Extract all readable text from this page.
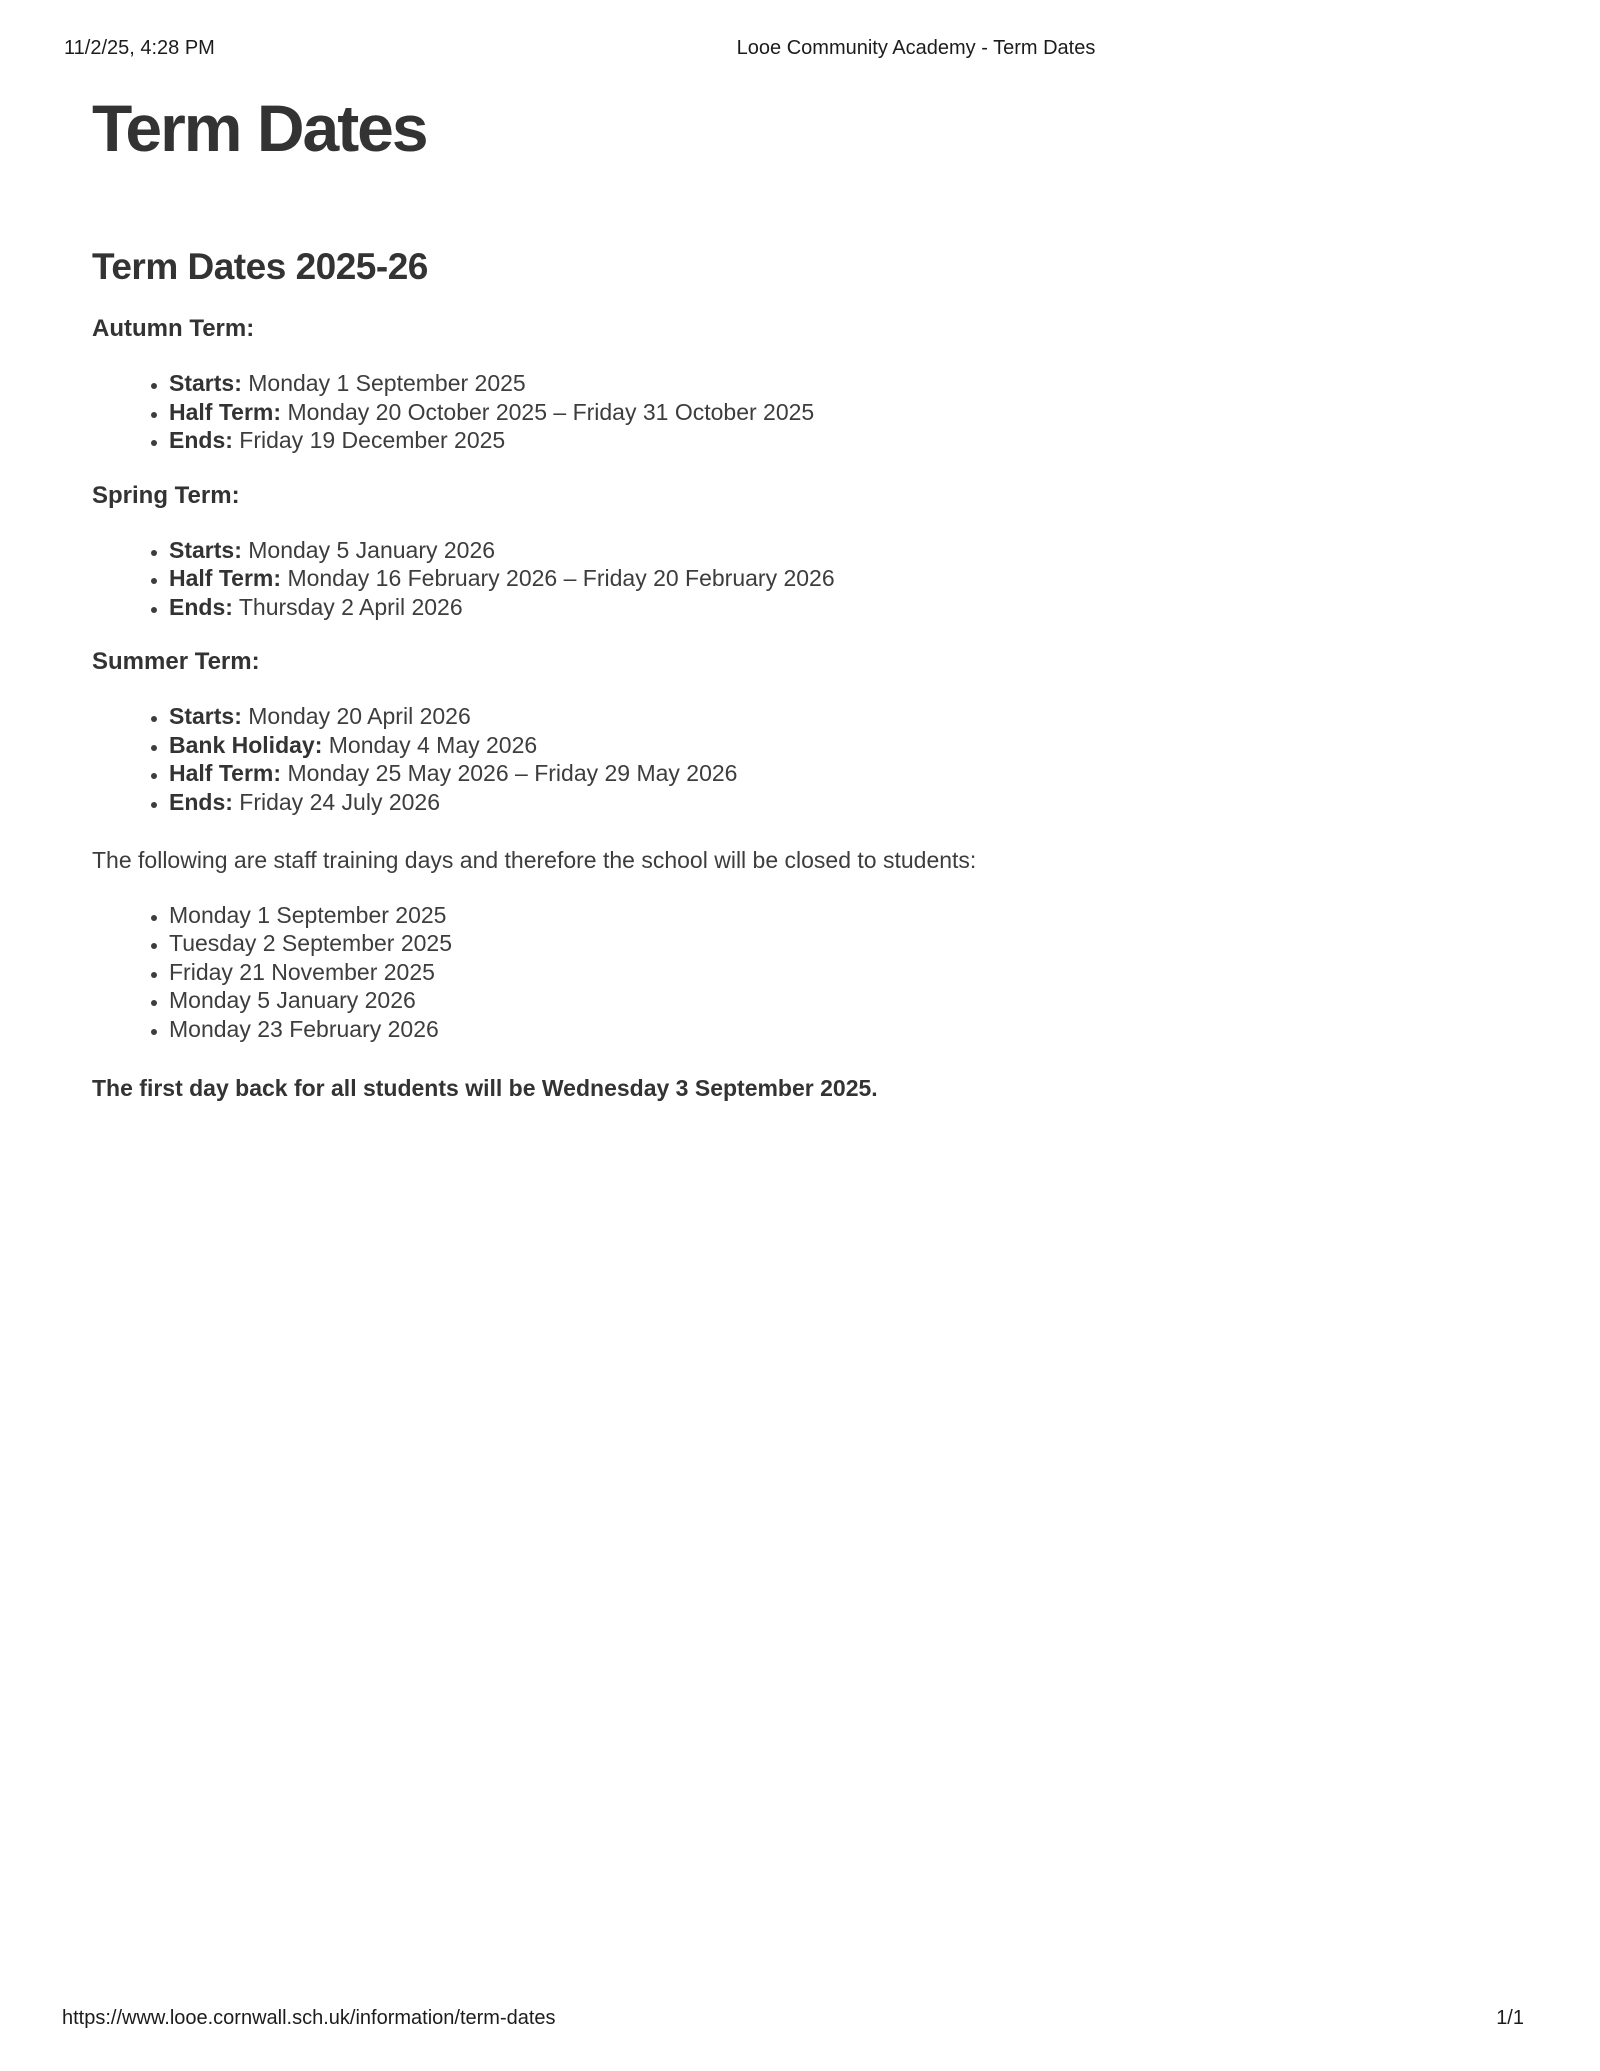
11/2/25, 4:28 PM	Looe Community Academy - Term Dates
Term Dates
Term Dates 2025-26
Autumn Term:
• Starts: Monday 1 September 2025
• Half Term: Monday 20 October 2025 – Friday 31 October 2025
• Ends: Friday 19 December 2025
Spring Term:
• Starts: Monday 5 January 2026
• Half Term: Monday 16 February 2026 – Friday 20 February 2026
• Ends: Thursday 2 April 2026
Summer Term:
• Starts: Monday 20 April 2026
• Bank Holiday: Monday 4 May 2026
• Half Term: Monday 25 May 2026 – Friday 29 May 2026
• Ends: Friday 24 July 2026

The following are staff training days and therefore the school will be closed to students:

• Monday 1 September 2025
• Tuesday 2 September 2025
• Friday 21 November 2025
• Monday 5 January 2026
• Monday 23 February 2026

The first day back for all students will be Wednesday 3 September 2025.

https://www.looe.cornwall.sch.uk/information/term-dates	1/1
